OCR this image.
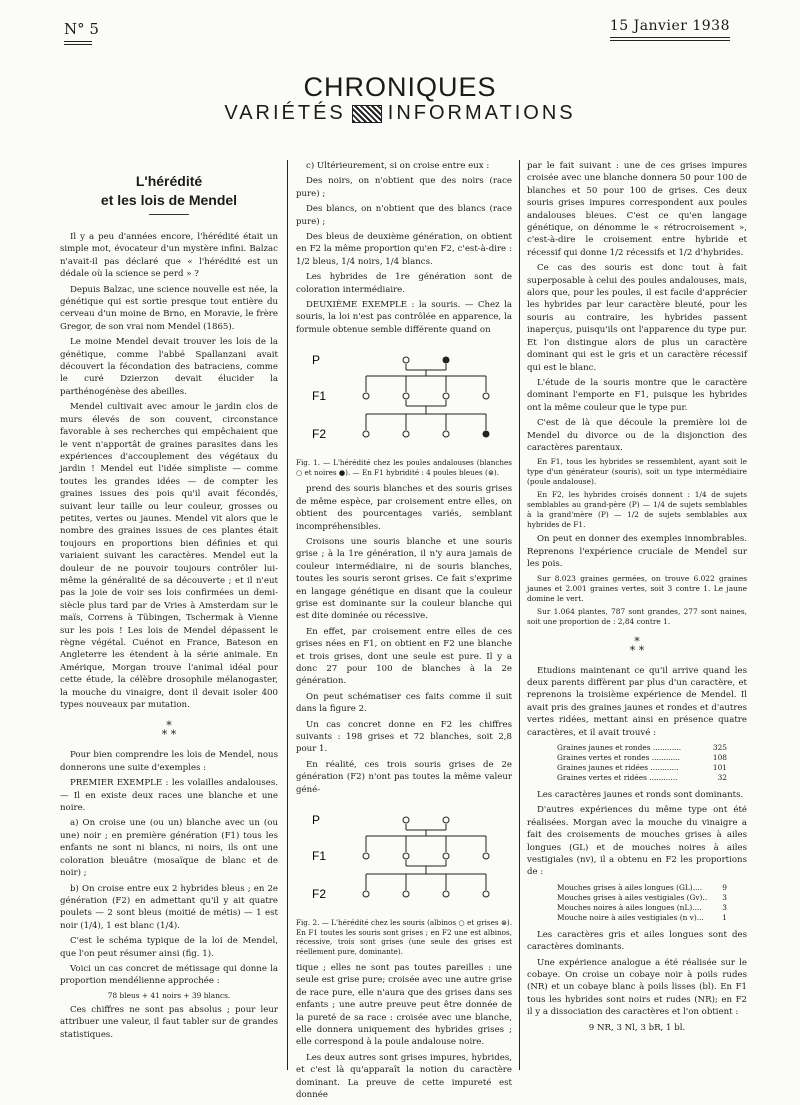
N° 5	15 Janvier 1938
CHRONIQUES
VARIÉTÉS INFORMATIONS
L'hérédité
et les lois de Mendel

Il y a peu d'années encore, l'hérédité était un simple mot, évocateur d'un mystère infini. Balzac n'avait-il pas déclaré que « l'hérédité est un dédale où la science se perd » ?

Depuis Balzac, une science nouvelle est née, la génétique qui est sortie presque tout entière du cerveau d'un moine de Brno, en Moravie, le frère Gregor, de son vrai nom Mendel (1865).

Le moine Mendel devait trouver les lois de la génétique, comme l'abbé Spallanzani avait découvert la fécondation des batraciens, comme le curé Dzierzon devait élucider la parthénogénèse des abeilles.

Mendel cultivait avec amour le jardin clos de murs élevés de son couvent, circonstance favorable à ses recherches qui empêchaient que le vent n'apportât de graines parasites dans les expériences d'accouplement des végétaux du jardin ! Mendel eut l'idée simpliste — comme toutes les grandes idées — de compter les graines issues des pois qu'il avait fécondés, suivant leur taille ou leur couleur, grosses ou petites, vertes ou jaunes. Mendel vit alors que le nombre des graines issues de ces plantes était toujours en proportions bien définies et qui variaient suivant les caractères. Mendel eut la douleur de ne pouvoir toujours contrôler lui-même la généralité de sa découverte ; et il n'eut pas la joie de voir ses lois confirmées un demi-siècle plus tard par de Vries à Amsterdam sur le maïs, Correns à Tübingen, Tschermak à Vienne sur les pois ! Les lois de Mendel dépassent le règne végétal. Cuénot en France, Bateson en Angleterre les étendent à la série animale. En Amérique, Morgan trouve l'animal idéal pour cette étude, la célèbre drosophile mélanogaster, la mouche du vinaigre, dont il devait isoler 400 types nouveaux par mutation.

*
* *

Pour bien comprendre les lois de Mendel, nous donnerons une suite d'exemples :

PREMIER EXEMPLE : les volailles andalouses. — Il en existe deux races une blanche et une noire.

a) On croise une (ou un) blanche avec un (ou une) noir ; en première génération (F1) tous les enfants ne sont ni blancs, ni noirs, ils ont une coloration bleuâtre (mosaïque de blanc et de noir) ;

b) On croise entre eux 2 hybrides bleus ; en 2e génération (F2) en admettant qu'il y ait quatre poulets — 2 sont bleus (moitié de métis) — 1 est noir (1/4), 1 est blanc (1/4).

C'est le schéma typique de la loi de Mendel, que l'on peut résumer ainsi (fig. 1).

Voici un cas concret de métissage qui donne la proportion mendélienne approchée :

78 bleus + 41 noirs + 39 blancs.

Ces chiffres ne sont pas absolus ; pour leur attribuer une valeur, il faut tabler sur de grandes statistiques.

c) Ultérieurement, si on croise entre eux :

Des noirs, on n'obtient que des noirs (race pure) ;

Des blancs, on n'obtient que des blancs (race pure) ;

Des bleus de deuxième génération, on obtient en F2 la même proportion qu'en F2, c'est-à-dire : 1/2 bleus, 1/4 noirs, 1/4 blancs.

Les hybrides de 1re génération sont de coloration intermédiaire.

DEUXIÈME EXEMPLE : la souris. — Chez la souris, la loi n'est pas contrôlée en apparence, la formule obtenue semble différente quand on

P
F1
F2
Fig. 1. — L'hérédité chez les poules andalouses (blanches ○ et noires ●). — En F1 hybridité : 4 poules bleues (⊜).

prend des souris blanches et des souris grises de même espèce, par croisement entre elles, on obtient des pourcentages variés, semblant incompréhensibles.

Croisons une souris blanche et une souris grise ; à la 1re génération, il n'y aura jamais de couleur intermédiaire, ni de souris blanches, toutes les souris seront grises. Ce fait s'exprime en langage génétique en disant que la couleur grise est dominante sur la couleur blanche qui est dite dominée ou récessive.

En effet, par croisement entre elles de ces grises nées en F1, on obtient en F2 une blanche et trois grises, dont une seule est pure. Il y a donc 27 pour 100 de blanches à la 2e génération.

On peut schématiser ces faits comme il suit dans la figure 2.

Un cas concret donne en F2 les chiffres suivants : 198 grises et 72 blanches, soit 2,8 pour 1.

En réalité, ces trois souris grises de 2e génération (F2) n'ont pas toutes la même valeur géné-

P
F1
F2
Fig. 2. — L'hérédité chez les souris (albinos ○ et grises ⊜). En F1 toutes les souris sont grises ; en F2 une est albinos, récessive, trois sont grises (une seule des grises est réellement pure, dominante).

tique ; elles ne sont pas toutes pareilles : une seule est grise pure; croisée avec une autre grise de race pure, elle n'aura que des grises dans ses enfants ; une autre preuve peut être donnée de la pureté de sa race : croisée avec une blanche, elle donnera uniquement des hybrides grises ; elle correspond à la poule andalouse noire.

Les deux autres sont grises impures, hybrides, et c'est là qu'apparaît la notion du caractère dominant. La preuve de cette impureté est donnée

par le fait suivant : une de ces grises impures croisée avec une blanche donnera 50 pour 100 de blanches et 50 pour 100 de grises. Ces deux souris grises impures correspondent aux poules andalouses bleues. C'est ce qu'en langage génétique, on dénomme le « rétrocroisement », c'est-à-dire le croisement entre hybride et récessif qui donne 1/2 récessifs et 1/2 d'hybrides.

Ce cas des souris est donc tout à fait superposable à celui des poules andalouses, mais, alors que, pour les poules, il est facile d'apprécier les hybrides par leur caractère bleuté, pour les souris au contraire, les hybrides passent inaperçus, puisqu'ils ont l'apparence du type pur. Et l'on distingue alors de plus un caractère dominant qui est le gris et un caractère récessif qui est le blanc.

L'étude de la souris montre que le caractère dominant l'emporte en F1, puisque les hybrides ont la même couleur que le type pur.

C'est de là que découle la première loi de Mendel du divorce ou de la disjonction des caractères parentaux.

En F1, tous les hybrides se ressemblent, ayant soit le type d'un générateur (souris), soit un type intermédiaire (poule andalouse).

En F2, les hybrides croisés donnent : 1/4 de sujets semblables au grand-père (P) — 1/4 de sujets semblables à la grand'mère (P) — 1/2 de sujets semblables aux hybrides de F1.

On peut en donner des exemples innombrables. Reprenons l'expérience cruciale de Mendel sur les pois.

Sur 8.023 graines germées, on trouve 6.022 graines jaunes et 2.001 graines vertes, soit 3 contre 1. Le jaune domine le vert.

Sur 1.064 plantes, 787 sont grandes, 277 sont naines, soit une proportion de : 2,84 contre 1.

*
* *

Etudions maintenant ce qu'il arrive quand les deux parents diffèrent par plus d'un caractère, et reprenons la troisième expérience de Mendel. Il avait pris des graines jaunes et rondes et d'autres vertes ridées, mettant ainsi en présence quatre caractères, et il avait trouvé :

Graines jaunes et rondes ............	325
Graines vertes et rondes ............	108
Graines jaunes et ridées ............	101
Graines vertes et ridées ............	32

Les caractères jaunes et ronds sont dominants.

D'autres expériences du même type ont été réalisées. Morgan avec la mouche du vinaigre a fait des croisements de mouches grises à ailes longues (GL) et de mouches noires à ailes vestigiales (nv), il a obtenu en F2 les proportions de :

Mouches grises à ailes longues (GL)....	9
Mouches grises à ailes vestigiales (Gv).. 3
Mouches noires à ailes longues (nL)....	3
Mouche noire à ailes vestigiales (n v)...	1

Les caractères gris et ailes longues sont des caractères dominants.

Une expérience analogue a été réalisée sur le cobaye. On croise un cobaye noir à poils rudes (NR) et un cobaye blanc à poils lisses (bl). En F1 tous les hybrides sont noirs et rudes (NR); en F2 il y a dissociation des caractères et l'on obtient :

9 NR, 3 Nl, 3 bR, 1 bl.
